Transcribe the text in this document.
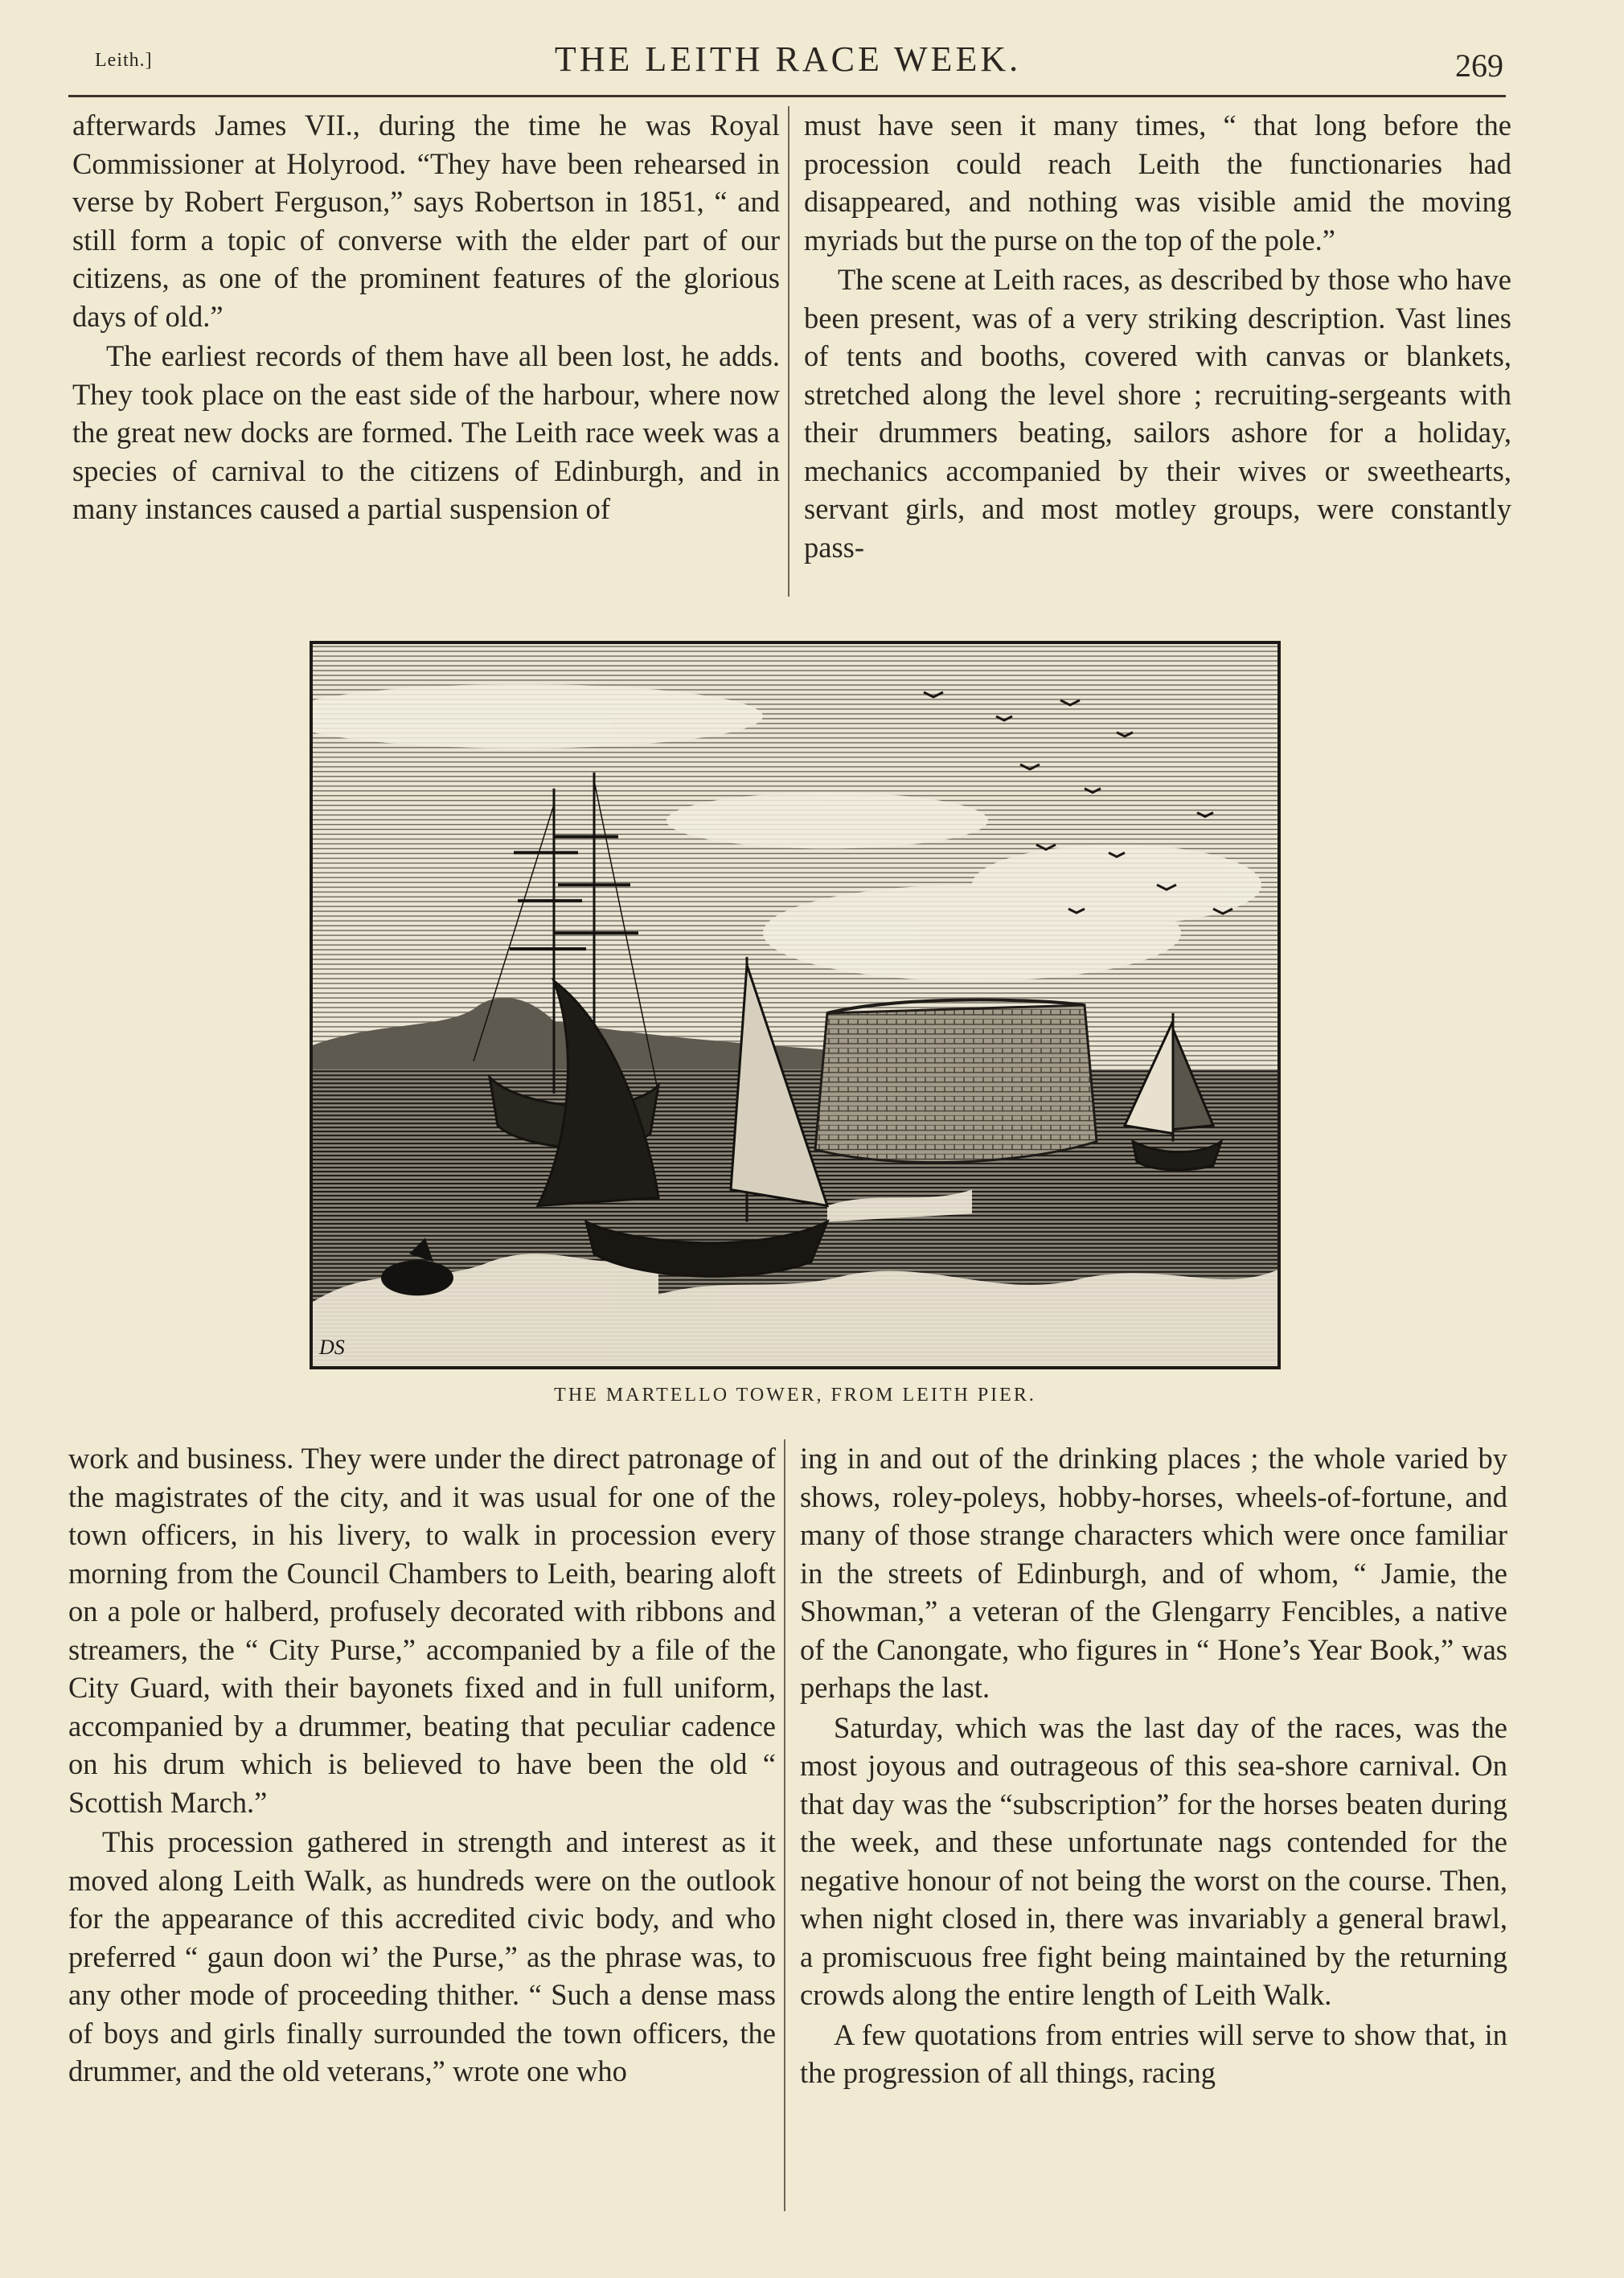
Leith.]	THE LEITH RACE WEEK.	269

afterwards James VII., during the time he was Royal Commissioner at Holyrood. “They have been rehearsed in verse by Robert Ferguson,” says Robertson in 1851, “ and still form a topic of converse with the elder part of our citizens, as one of the prominent features of the glorious days of old.”

The earliest records of them have all been lost, he adds. They took place on the east side of the harbour, where now the great new docks are formed. The Leith race week was a species of carnival to the citizens of Edinburgh, and in many instances caused a partial suspension of

must have seen it many times, “ that long before the procession could reach Leith the functionaries had disappeared, and nothing was visible amid the moving myriads but the purse on the top of the pole.”

The scene at Leith races, as described by those who have been present, was of a very striking description. Vast lines of tents and booths, covered with canvas or blankets, stretched along the level shore ; recruiting-sergeants with their drummers beating, sailors ashore for a holiday, mechanics accompanied by their wives or sweethearts, servant girls, and most motley groups, were constantly pass-

DS
THE MARTELLO TOWER, FROM LEITH PIER.

work and business. They were under the direct patronage of the magistrates of the city, and it was usual for one of the town officers, in his livery, to walk in procession every morning from the Council Chambers to Leith, bearing aloft on a pole or halberd, profusely decorated with ribbons and streamers, the “ City Purse,” accompanied by a file of the City Guard, with their bayonets fixed and in full uniform, accompanied by a drummer, beating that peculiar cadence on his drum which is believed to have been the old “ Scottish March.”

This procession gathered in strength and interest as it moved along Leith Walk, as hundreds were on the outlook for the appearance of this accredited civic body, and who preferred “ gaun doon wi’ the Purse,” as the phrase was, to any other mode of proceeding thither. “ Such a dense mass of boys and girls finally surrounded the town officers, the drummer, and the old veterans,” wrote one who

ing in and out of the drinking places ; the whole varied by shows, roley-poleys, hobby-horses, wheels-of-fortune, and many of those strange characters which were once familiar in the streets of Edinburgh, and of whom, “ Jamie, the Showman,” a veteran of the Glengarry Fencibles, a native of the Canongate, who figures in “ Hone’s Year Book,” was perhaps the last.

Saturday, which was the last day of the races, was the most joyous and outrageous of this sea-shore carnival. On that day was the “subscription” for the horses beaten during the week, and these unfortunate nags contended for the negative honour of not being the worst on the course. Then, when night closed in, there was invariably a general brawl, a promiscuous free fight being maintained by the returning crowds along the entire length of Leith Walk.

A few quotations from entries will serve to show that, in the progression of all things, racing
